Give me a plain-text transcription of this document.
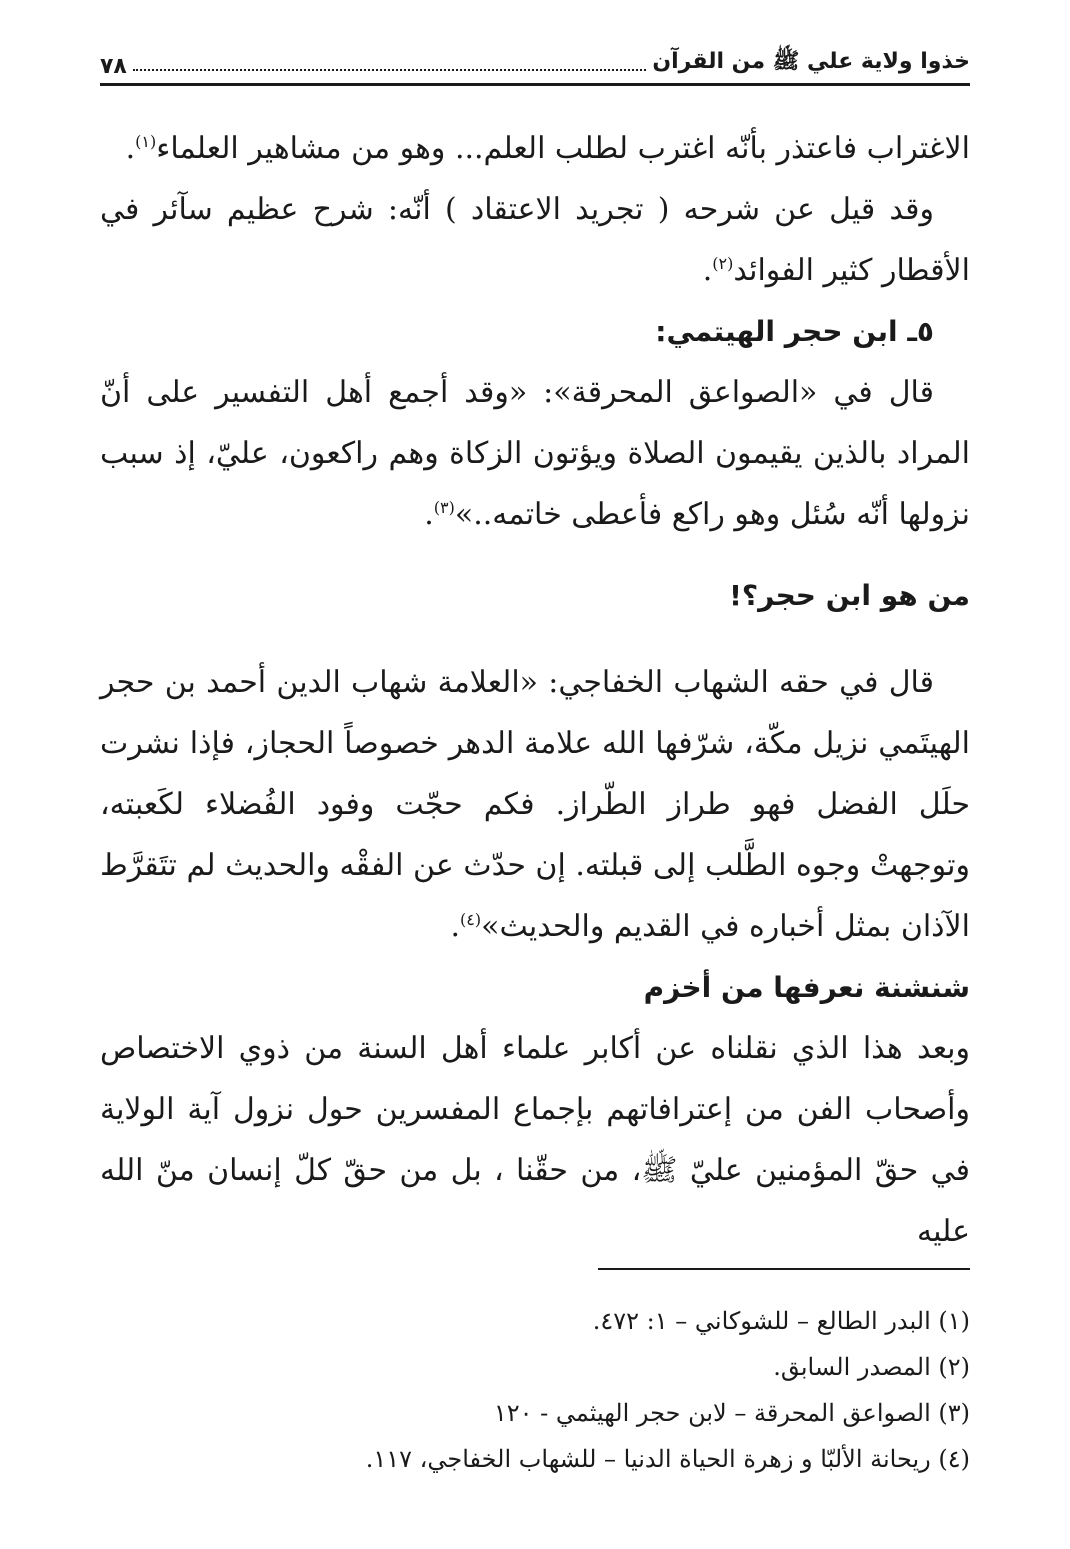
خذوا ولاية علي ﷺ من القرآن
٧٨

الاغتراب فاعتذر بأنّه اغترب لطلب العلم... وهو من مشاهير العلماء$^{(١)}$.

وقد قيل عن شرحه ( تجريد الاعتقاد ) أنّه: شرح عظيم سآئر في الأقطار كثير الفوائد$^{(٢)}$.

٥ـ ابن حجر الهيتمي:

قال في «الصواعق المحرقة»: «وقد أجمع أهل التفسير على أنّ المراد بالذين يقيمون الصلاة ويؤتون الزكاة وهم راكعون، عليّ، إذ سبب نزولها أنّه سُئل وهو راكع فأعطى خاتمه..»$^{(٣)}$.

من هو ابن حجر؟!

قال في حقه الشهاب الخفاجي: «العلامة شهاب الدين أحمد بن حجر الهيتَمي نزيل مكّة، شرّفها الله علامة الدهر خصوصاً الحجاز، فإذا نشرت حلَل الفضل فهو طراز الطّراز. فكم حجّت وفود الفُضلاء لكَعبته، وتوجهتْ وجوه الطَّلب إلى قبلته. إن حدّث عن الفقْه والحديث لم تتَقرَّط الآذان بمثل أخباره في القديم والحديث»$^{(٤)}$.

شنشنة نعرفها من أخزم

وبعد هذا الذي نقلناه عن أكابر علماء أهل السنة من ذوي الاختصاص وأصحاب الفن من إعترافاتهم بإجماع المفسرين حول نزول آية الولاية في حقّ المؤمنين عليّ ﷺ، من حقّنا ، بل من حقّ كلّ إنسان منّ الله عليه

(١) البدر الطالع – للشوكاني – ١: ٤٧٢.

(٢) المصدر السابق.

(٣) الصواعق المحرقة – لابن حجر الهيثمي - ١٢٠

(٤) ريحانة الألبّا و زهرة الحياة الدنيا – للشهاب الخفاجي، ١١٧.
